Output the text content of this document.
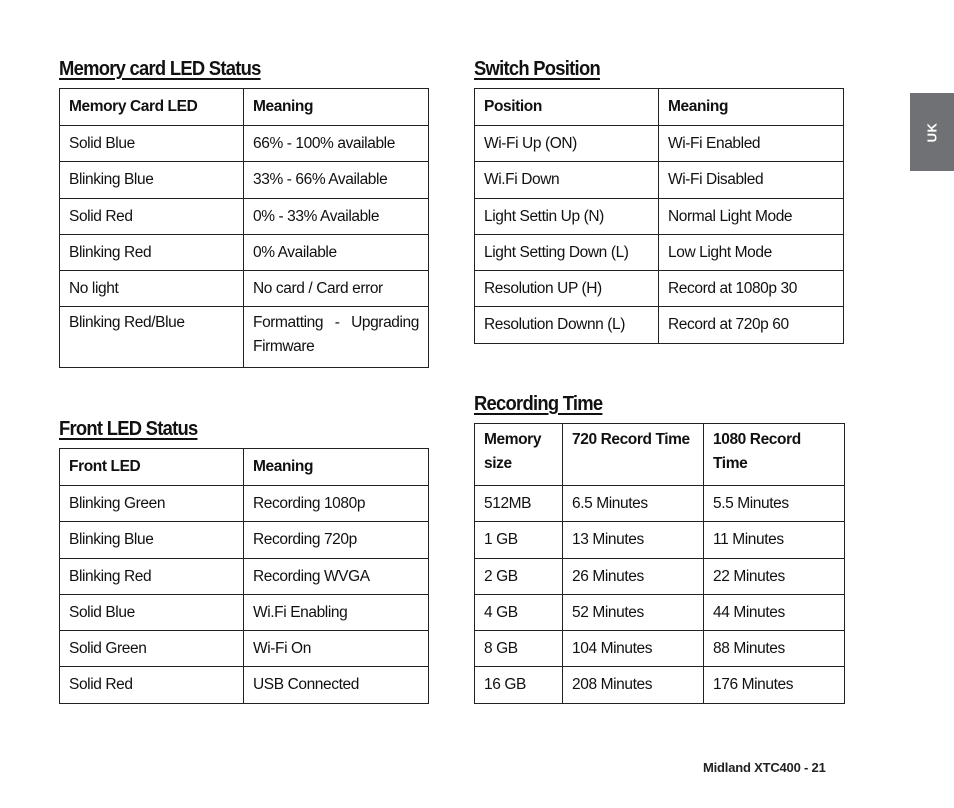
Memory card LED Status
Memory Card LED	Meaning
Solid Blue	66% - 100% available
Blinking Blue	33% - 66% Available
Solid Red	0% - 33% Available
Blinking Red	0% Available
No light	No card / Card error
Blinking Red/Blue	Formatting - Upgrading Firmware
Front LED Status
Front LED	Meaning
Blinking Green	Recording 1080p
Blinking Blue	Recording 720p
Blinking Red	Recording WVGA
Solid Blue	Wi.Fi Enabling
Solid Green	Wi-Fi On
Solid Red	USB Connected
Switch Position
Position	Meaning
Wi-Fi Up (ON)	Wi-Fi Enabled
Wi.Fi Down	Wi-Fi Disabled
Light Settin Up (N)	Normal Light Mode
Light Setting Down (L)	Low Light Mode
Resolution UP (H)	Record at 1080p 30
Resolution Downn (L)	Record at 720p 60
Recording Time
Memory size	720 Record Time	1080 Record Time
512MB	6.5 Minutes	5.5 Minutes
1 GB	13 Minutes	11 Minutes
2 GB	26 Minutes	22 Minutes
4 GB	52 Minutes	44 Minutes
8 GB	104 Minutes	88 Minutes
16 GB	208 Minutes	176 Minutes
UK
Midland XTC400 - 21
